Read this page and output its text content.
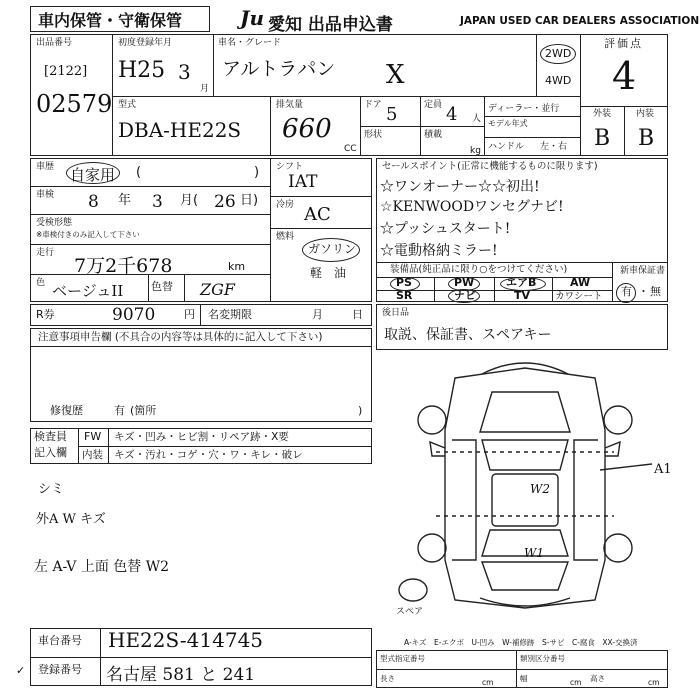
車内保管・守衛保管	Ju 愛知 出品申込書	JAPAN USED CAR DEALERS ASSOCIATION
出品番号
[2122]
02579
初度登録年月
H25 3
月
車名・グレード
アルトラパン X
2WD
4WD
評価点
4
外装	内装
B B
型式
DBA-HE22S
排気量
660
CC
ドア 5	定員 4 人
形状	積載
kg
ディーラー・並行
モデル年式
ハンドル 左・右
車歴	(
自家用	)
車検 8 年 3 月( 26 日)
受検形態
※車検付きのみ記入して下さい
走行
7万2千678	km
色 ベージュII	色替 ZGF
シフト
IAT
冷房 AC
燃料
ガソリン
軽　油
セールスポイント(正常に機能するものに限ります)
☆ワンオーナー☆☆初出!
☆KENWOODワンセグナビ!
☆プッシュスタート!
☆電動格納ミラー!
装備品(純正品に限り○をつけてください)
PS	PW	エアB	AW
SR	ナビ	TV	カワシート
新車保証書
有 ・ 無
R券	9070	円 名変期限	月	日 後日品
取説、保証書、スペアキー
注意事項申告欄 (不具合の内容等は具体的に記入して下さい)
修復歴	有 (箇所	)
検査員
記入欄
FW キズ・凹み・ヒビ割・リペア跡・X要
内装 キズ・汚れ・コゲ・穴・ワ・キレ・破レ
シミ
外A W キズ
左 A-V 上面 色替 W2
W2
W1
A1
スペア
A-キズ　E-エクボ　U-凹み　W-補修跡　S-サビ　C-腐食　XX-交換済
車台番号 HE22S-414745
✓ 登録番号 名古屋 581 と 241
型式指定番号	類別区分番号
長さ	cm	幅	cm 高さ	cm
